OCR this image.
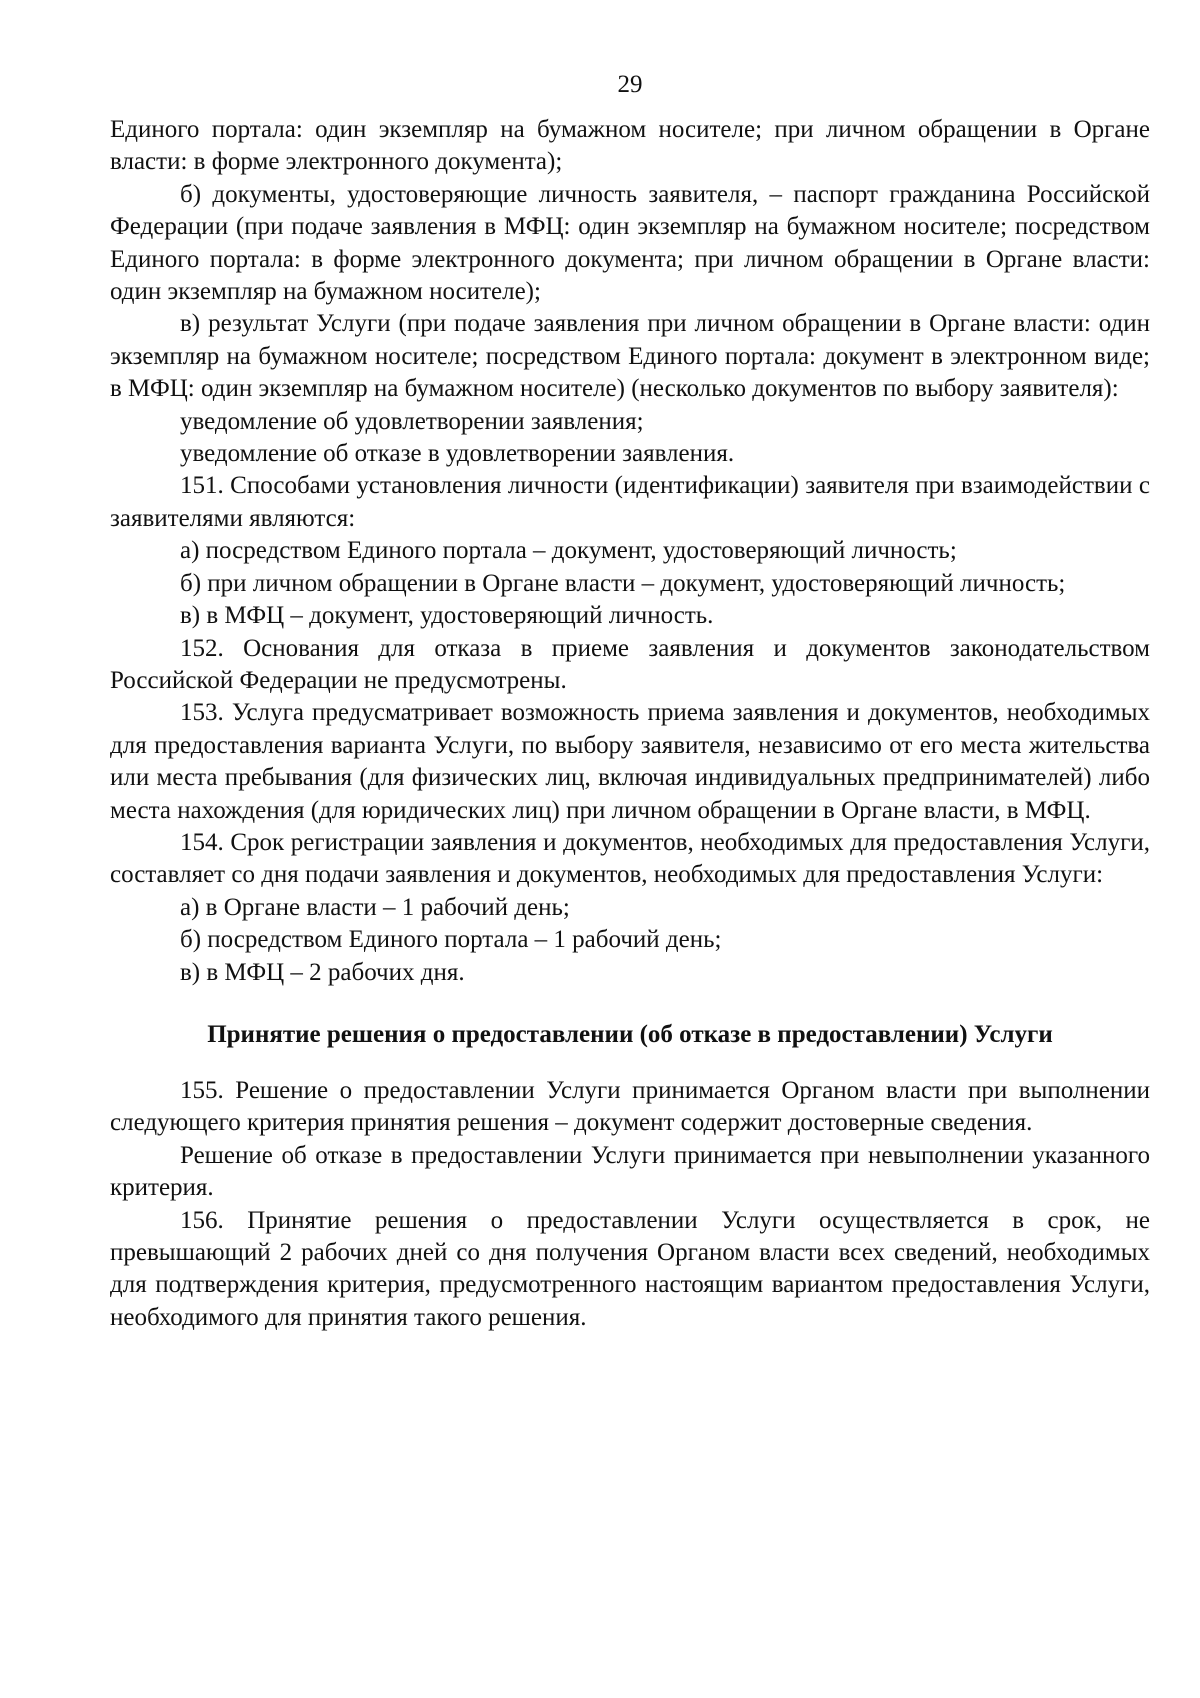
29

Единого портала: один экземпляр на бумажном носителе; при личном обращении в Органе власти: в форме электронного документа);

б) документы, удостоверяющие личность заявителя, – паспорт гражданина Российской Федерации (при подаче заявления в МФЦ: один экземпляр на бумажном носителе; посредством Единого портала: в форме электронного документа; при личном обращении в Органе власти: один экземпляр на бумажном носителе);

в) результат Услуги (при подаче заявления при личном обращении в Органе власти: один экземпляр на бумажном носителе; посредством Единого портала: документ в электронном виде; в МФЦ: один экземпляр на бумажном носителе) (несколько документов по выбору заявителя):

уведомление об удовлетворении заявления;

уведомление об отказе в удовлетворении заявления.

151. Способами установления личности (идентификации) заявителя при взаимодействии с заявителями являются:

а) посредством Единого портала – документ, удостоверяющий личность;

б) при личном обращении в Органе власти – документ, удостоверяющий личность;

в) в МФЦ – документ, удостоверяющий личность.

152. Основания для отказа в приеме заявления и документов законодательством Российской Федерации не предусмотрены.

153. Услуга предусматривает возможность приема заявления и документов, необходимых для предоставления варианта Услуги, по выбору заявителя, независимо от его места жительства или места пребывания (для физических лиц, включая индивидуальных предпринимателей) либо места нахождения (для юридических лиц) при личном обращении в Органе власти, в МФЦ.

154. Срок регистрации заявления и документов, необходимых для предоставления Услуги, составляет со дня подачи заявления и документов, необходимых для предоставления Услуги:

а) в Органе власти – 1 рабочий день;

б) посредством Единого портала – 1 рабочий день;

в) в МФЦ – 2 рабочих дня.

Принятие решения о предоставлении (об отказе в предоставлении) Услуги

155. Решение о предоставлении Услуги принимается Органом власти при выполнении следующего критерия принятия решения – документ содержит достоверные сведения.

Решение об отказе в предоставлении Услуги принимается при невыполнении указанного критерия.

156. Принятие решения о предоставлении Услуги осуществляется в срок, не превышающий 2 рабочих дней со дня получения Органом власти всех сведений, необходимых для подтверждения критерия, предусмотренного настоящим вариантом предоставления Услуги, необходимого для принятия такого решения.
